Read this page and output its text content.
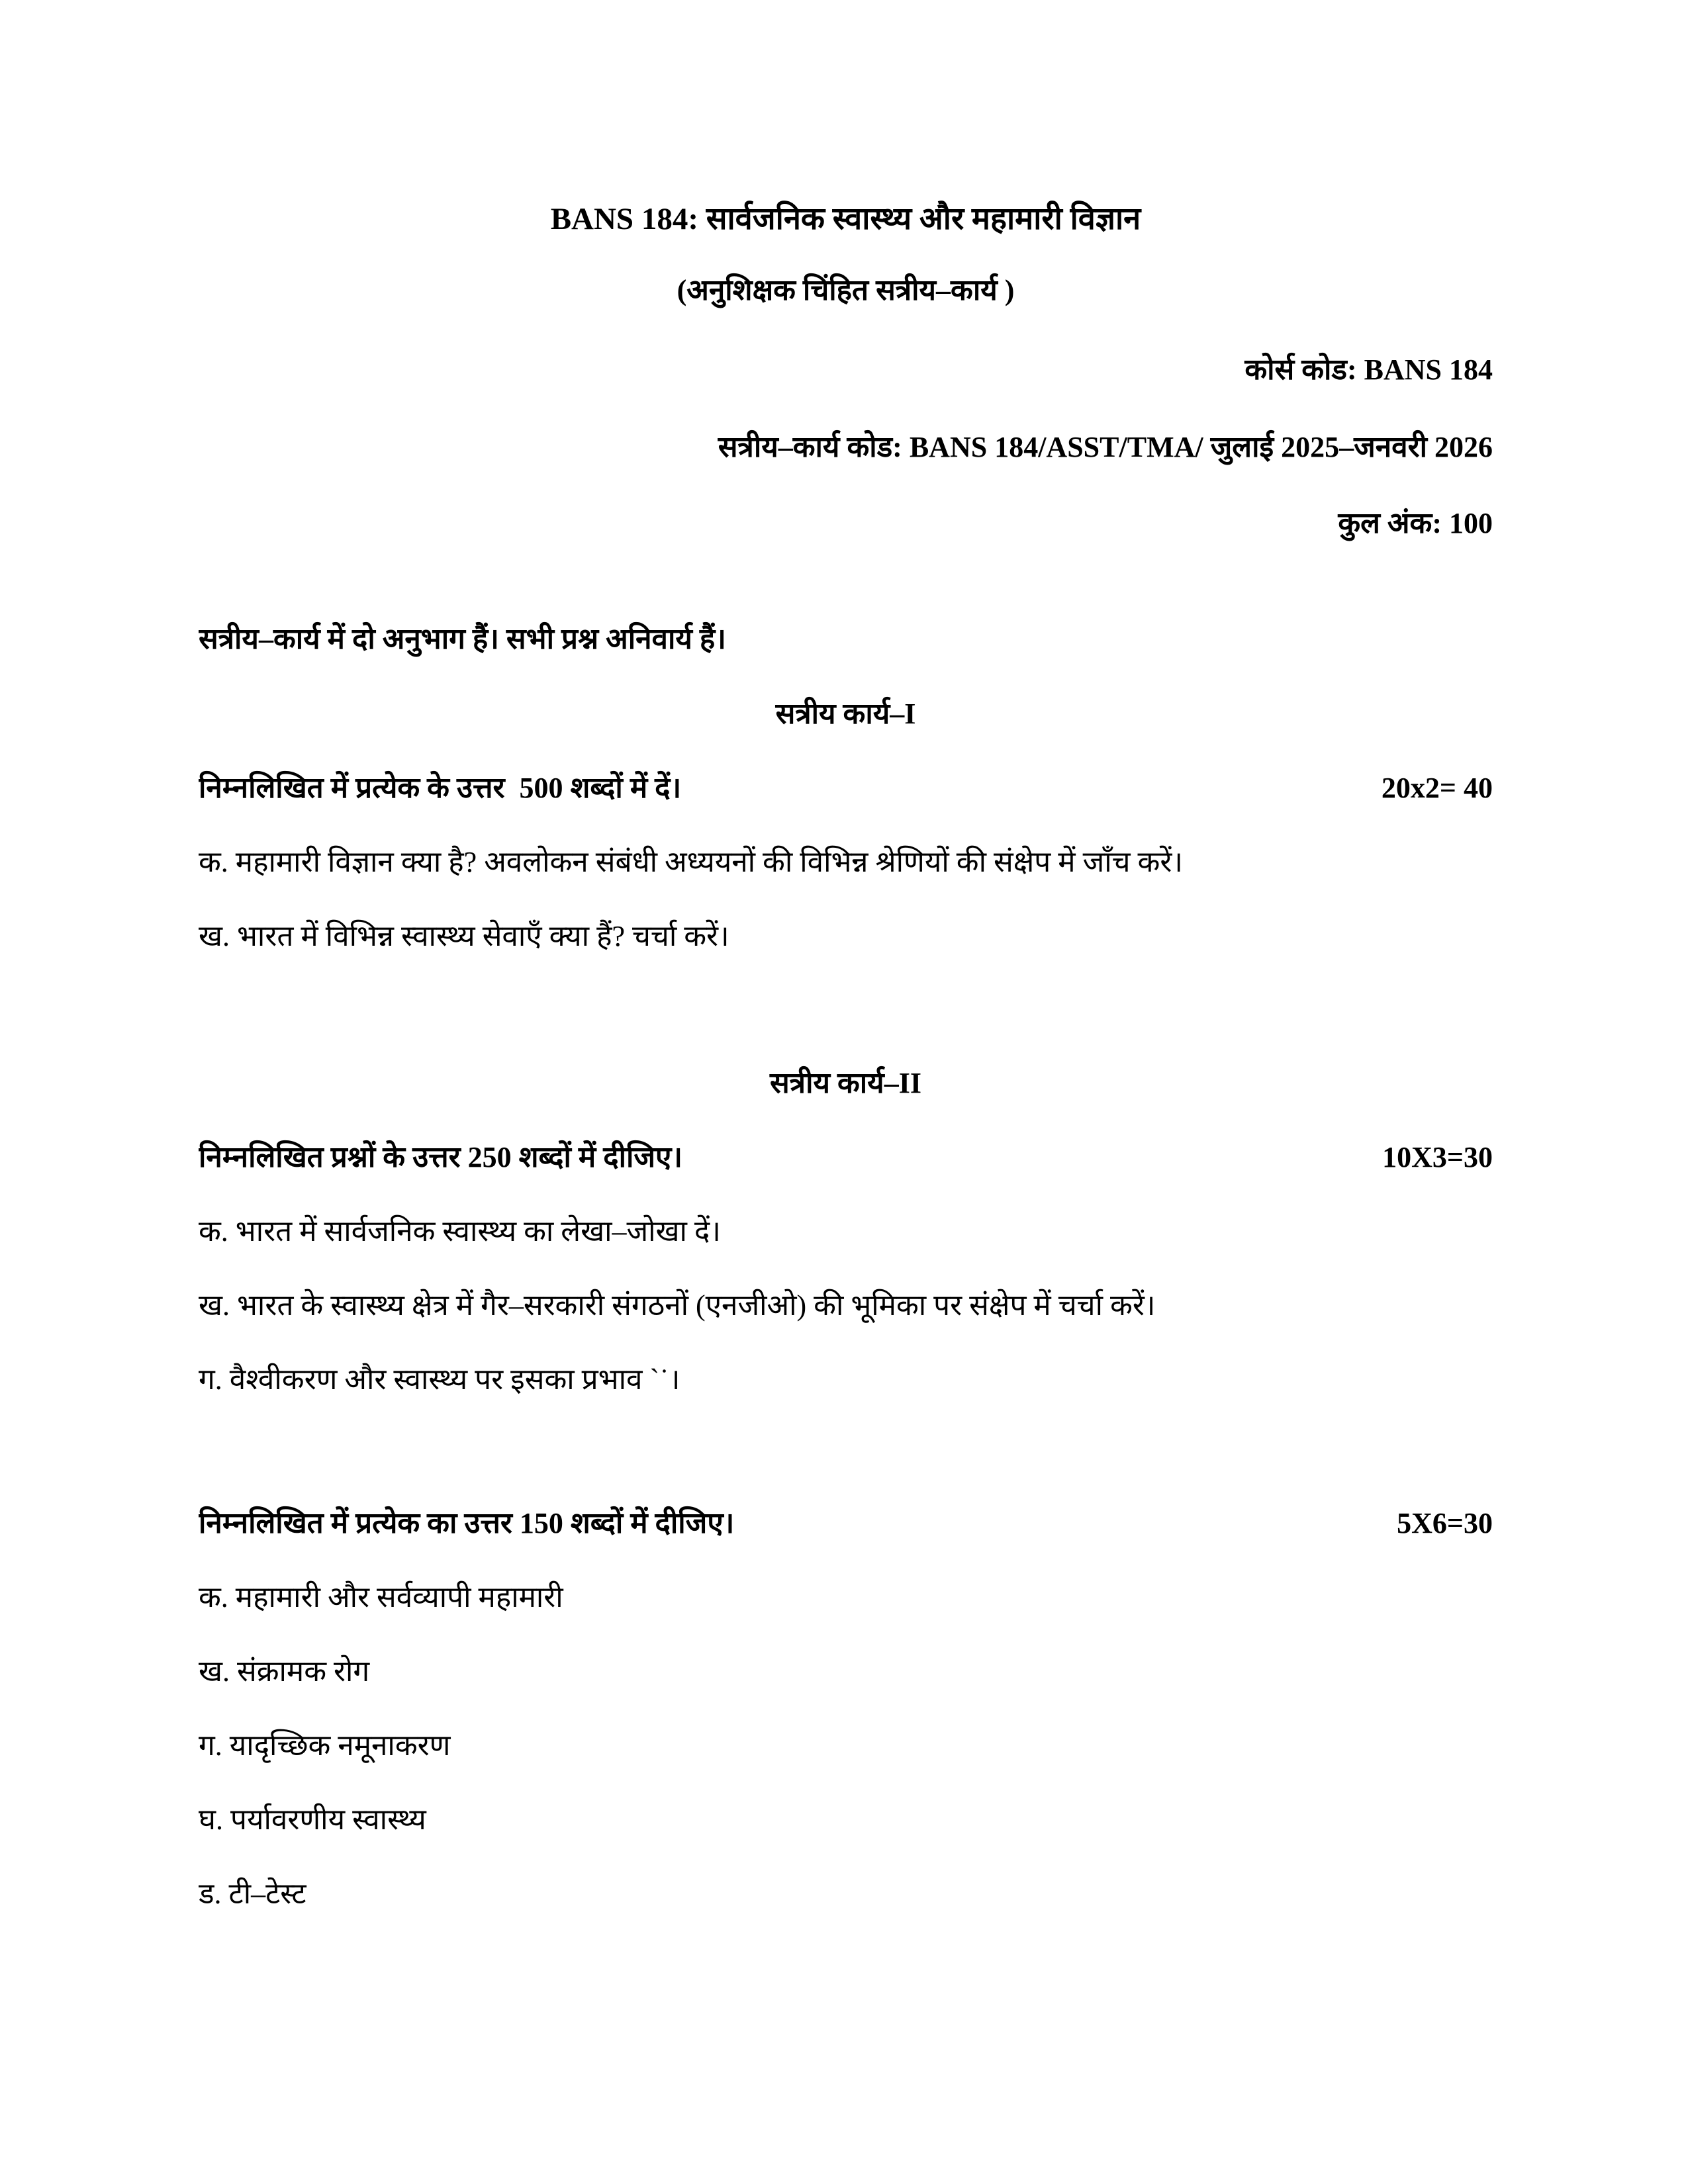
BANS 184: सार्वजनिक स्वास्थ्य और महामारी विज्ञान
(अनुशिक्षक चिंहित सत्रीय–कार्य )
कोर्स कोड: BANS 184
सत्रीय–कार्य कोड: BANS 184/ASST/TMA/ जुलाई 2025–जनवरी 2026
कुल अंक: 100
सत्रीय–कार्य में दो अनुभाग हैं। सभी प्रश्न अनिवार्य हैं।
सत्रीय कार्य–I
निम्नलिखित में प्रत्येक के उत्तर  500 शब्दों में दें।	20x2= 40
क. महामारी विज्ञान क्या है? अवलोकन संबंधी अध्ययनों की विभिन्न श्रेणियों की संक्षेप में जाँच करें।
ख. भारत में विभिन्न स्वास्थ्य सेवाएँ क्या हैं? चर्चा करें।
सत्रीय कार्य–II
निम्नलिखित प्रश्नों के उत्तर 250 शब्दों में दीजिए।	10X3=30
क. भारत में सार्वजनिक स्वास्थ्य का लेखा–जोखा दें।
ख. भारत के स्वास्थ्य क्षेत्र में गैर–सरकारी संगठनों (एनजीओ) की भूमिका पर संक्षेप में चर्चा करें।
ग. वैश्वीकरण और स्वास्थ्य पर इसका प्रभाव ˋ˙।
निम्नलिखित में प्रत्येक का उत्तर 150 शब्दों में दीजिए।	5X6=30
क. महामारी और सर्वव्यापी महामारी
ख. संक्रामक रोग
ग. यादृच्छिक नमूनाकरण
घ. पर्यावरणीय स्वास्थ्य
ड. टी–टेस्ट
